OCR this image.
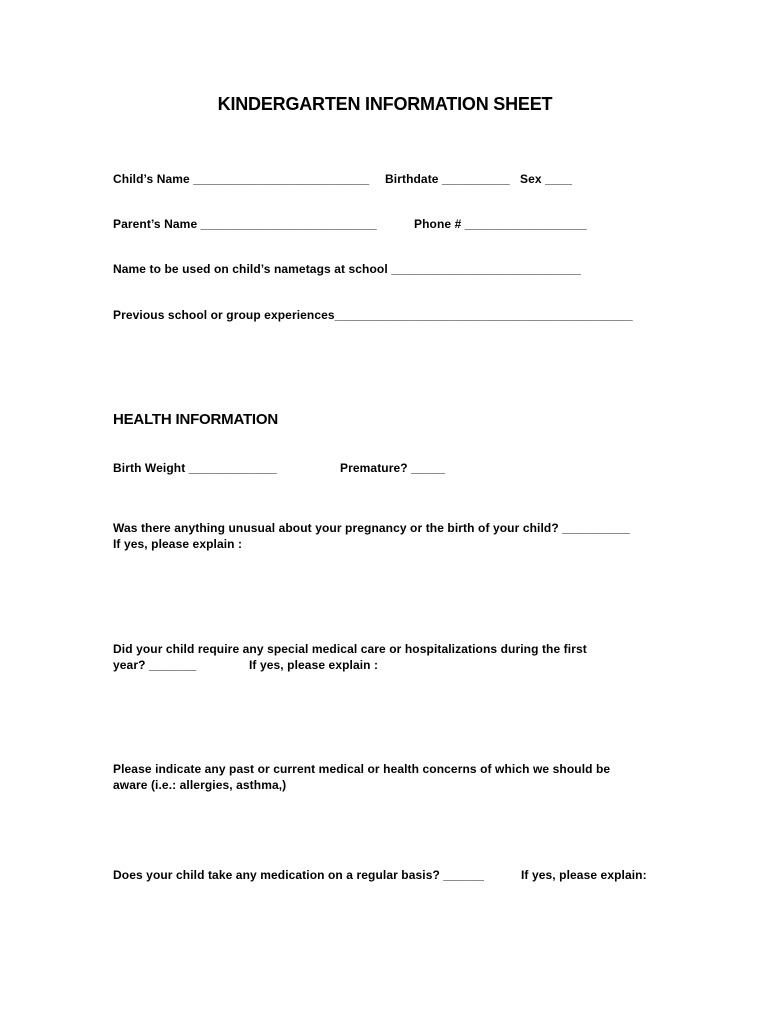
KINDERGARTEN INFORMATION SHEET
Child’s Name __________________________ Birthdate __________ Sex ____
Parent’s Name __________________________	Phone # __________________
Name to be used on child’s nametags at school ____________________________
Previous school or group experiences____________________________________________
HEALTH INFORMATION
Birth Weight _____________	Premature? _____
Was there anything unusual about your pregnancy or the birth of your child? __________
If yes, please explain :
Did your child require any special medical care or hospitalizations during the first
year? _______	If yes, please explain :
Please indicate any past or current medical or health concerns of which we should be
aware (i.e.: allergies, asthma,)
Does your child take any medication on a regular basis? ______	If yes, please explain:
